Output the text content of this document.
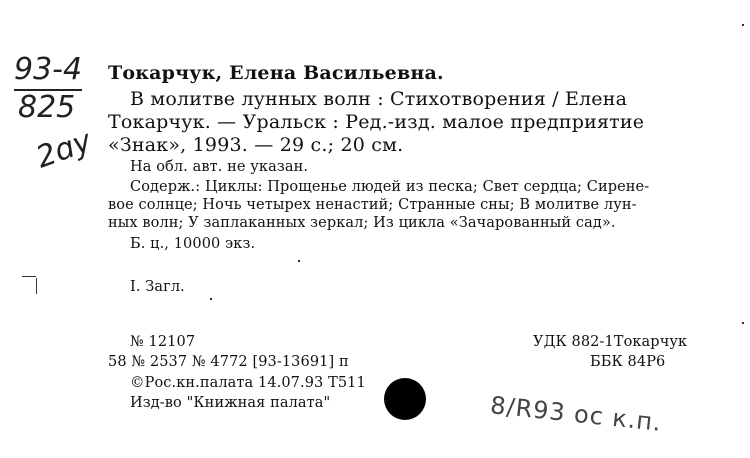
93-4
825
2ɑy
Токарчук, Елена Васильевна.
В молитве лунных волн : Стихотворения / Елена
Токарчук. — Уральск : Ред.-изд. малое предприятие
«Знак», 1993. — 29 с.; 20 см.
На обл. авт. не указан.
Содерж.: Циклы: Прощенье людей из песка; Свет сердца; Сирене-
вое солнце; Ночь четырех ненастий; Странные сны; В молитве лун-
ных волн; У заплаканных зеркал; Из цикла «Зачарованный сад».
Б. ц., 10000 экз.
I. Загл.
№ 12107
58 № 2537 № 4772 [93-13691] п
©Рос.кн.палата 14.07.93 Т511
Изд-во "Книжная палата"
УДК 882-1Токарчук
ББК 84Р6
8/R93 ос к.п.
